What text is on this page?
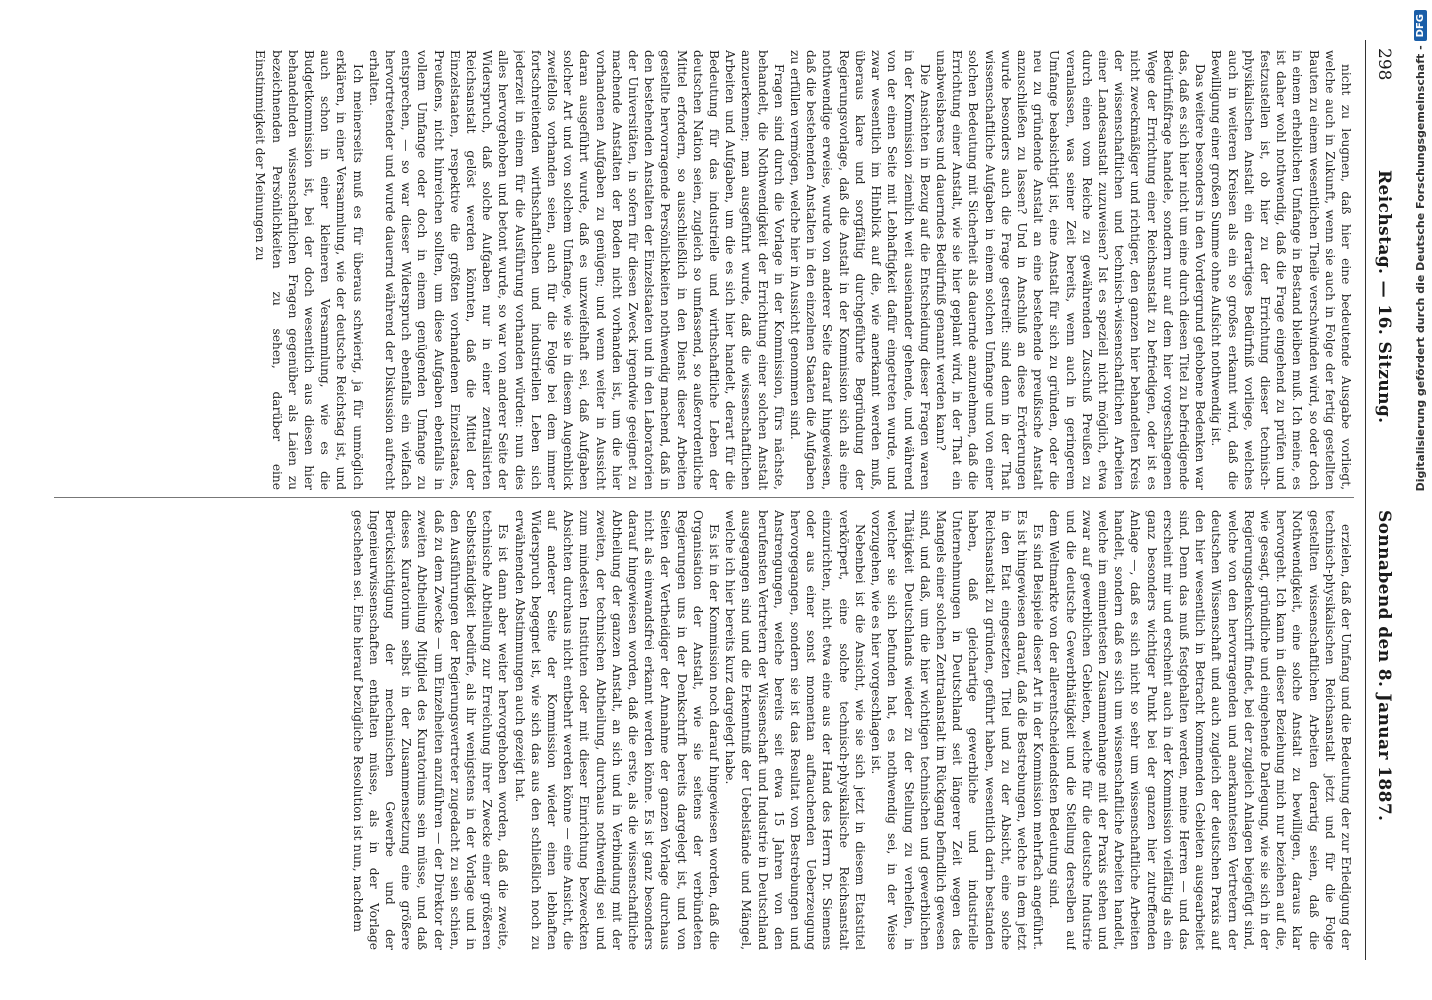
298
Reichstag. — 16. Sitzung.
Sonnabend den 8. Januar 1887.

nicht zu leugnen, daß hier eine bedeutende Ausgabe vorliegt, welche auch in Zukunft, wenn sie auch in Folge der fertig gestellten Bauten zu einem wesentlichen Theile verschwinden wird, so oder doch in einem erheblichen Umfange in Bestand bleiben muß. Ich meine, es ist daher wohl nothwendig, daß die Frage eingehend zu prüfen und festzustellen ist, ob hier zu der Errichtung dieser technisch-physikalischen Anstalt ein derartiges Bedürfniß vorliege, welches auch in weiteren Kreisen als ein so großes erkannt wird, daß die Bewilligung einer großen Summe ohne Aufsicht nothwendig ist.

Das weitere besonders in den Vordergrund gehobene Bedenken war das, daß es sich hier nicht um eine durch diesen Titel zu befriedigende Bedürfnißfrage handele, sondern nur auf dem hier vorgeschlagenen Wege der Errichtung einer Reichsanstalt zu befriedigen, oder ist es nicht zweckmäßiger und richtiger, den ganzen hier behandelten Kreis der wissenschaftlichen und technisch-wissenschaftlichen Arbeiten einer Landesanstalt zuzuweisen? Ist es speziell nicht möglich, etwa durch einen vom Reiche zu gewährenden Zuschuß Preußen zu veranlassen, was seiner Zeit bereits, wenn auch in geringerem Umfange beabsichtigt ist, eine Anstalt für sich zu gründen, oder die neu zu gründende Anstalt an eine bestehende preußische Anstalt anzuschließen zu lassen? Und in Anschluß an diese Erörterungen wurde besonders auch die Frage gestreift: sind denn in der That wissenschaftliche Aufgaben in einem solchen Umfange und von einer solchen Bedeutung mit Sicherheit als dauernde anzunehmen, daß die Errichtung einer Anstalt, wie sie hier geplant wird, in der That ein unabweisbares und dauerndes Bedürfniß genannt werden kann?

Die Ansichten in Bezug auf die Entscheidung dieser Fragen waren in der Kommission ziemlich weit auseinander gehende, und während von der einen Seite mit Lebhaftigkeit dafür eingetreten wurde, und zwar wesentlich im Hinblick auf die, wie anerkannt werden muß, überaus klare und sorgfältig durchgeführte Begründung der Regierungsvorlage, daß die Anstalt in der Kommission sich als eine nothwendige erweise, wurde von anderer Seite darauf hingewiesen, daß die bestehenden Anstalten in den einzelnen Staaten die Aufgaben zu erfüllen vermögen, welche hier in Aussicht genommen sind.

Fragen sind durch die Vorlage in der Kommission, fürs nächste, behandelt, die Nothwendigkeit der Errichtung einer solchen Anstalt anzuerkennen; man ausgeführt wurde, daß die wissenschaftlichen Arbeiten und Aufgaben, um die es sich hier handelt, derart für die Bedeutung für das industrielle und wirthschaftliche Leben der deutschen Nation seien, zugleich so umfassend, so außerordentliche Mittel erfordern, so ausschließlich in den Dienst dieser Arbeiten gestellte hervorragende Persönlichkeiten nothwendig machend, daß in den bestehenden Anstalten der Einzelstaaten und in den Laboratorien der Universitäten, in sofern für diesen Zweck irgendwie geeignet zu machende Anstalten der Boden nicht vorhanden ist, um die hier vorhandenen Aufgaben zu genügen; und wenn weiter in Aussicht daran ausgeführt wurde, daß es unzweifelhaft sei, daß Aufgaben solcher Art und von solchem Umfange, wie sie in diesem Augenblick zweifellos vorhanden seien, auch für die Folge bei dem immer fortschreitenden wirthschaftlichen und industriellen Leben sich jederzeit in einem für die Ausführung vorhanden würden: nun dies alles hervorgehoben und betont wurde, so war von anderer Seite der Widerspruch, daß solche Aufgaben nur in einer zentralisirten Reichsanstalt gelöst werden könnten, daß die Mittel der Einzelstaaten, respektive die größten vorhandenen Einzelstaates, Preußens, nicht hinreichen sollten, um diese Aufgaben ebenfalls in vollem Umfange oder doch in einem genügenden Umfange zu entsprechen, — so war dieser Widerspruch ebenfalls ein vielfach hervortretender und wurde dauernd während der Diskussion aufrecht erhalten.

Ich meinerseits muß es für überaus schwierig, ja für unmöglich erklären, in einer Versammlung, wie der deutsche Reichstag ist, und auch schon in einer kleineren Versammlung, wie es die Budgetkommission ist, bei der doch wesentlich aus diesen hier behandelnden wissenschaftlichen Fragen gegenüber als Laien zu bezeichnenden Persönlichkeiten zu sehen, darüber eine Einstimmigkeit der Meinungen zu

erzielen, daß der Umfang und die Bedeutung der zur Erledigung der technisch-physikalischen Reichsanstalt jetzt und für die Folge gestellten wissenschaftlichen Arbeiten derartig seien, daß die Nothwendigkeit, eine solche Anstalt zu bewilligen, daraus klar hervorgeht. Ich kann in dieser Beziehung mich nur beziehen auf die, wie gesagt, gründliche und eingehende Darlegung, wie sie sich in der Regierungsdenkschrift findet, bei der zugleich Anlagen beigefügt sind, welche von den hervorragenden und anerkanntesten Vertretern der deutschen Wissenschaft und auch zugleich der deutschen Praxis auf den hier wesentlich in Betracht kommenden Gebieten ausgearbeitet sind. Denn das muß festgehalten werden, meine Herren — und das erscheint mir und erscheint auch in der Kommission vielfältig als ein ganz besonders wichtiger Punkt bei der ganzen hier zutreffenden Anlage —, daß es sich nicht so sehr um wissenschaftliche Arbeiten handelt, sondern daß es sich um wissenschaftliche Arbeiten handelt, welche im eminentesten Zusammenhange mit der Praxis stehen und zwar auf gewerblichen Gebieten, welche für die deutsche Industrie und die deutsche Gewerbthätigkeit und die Stellung derselben auf dem Weltmarkte von der allerentscheidendsten Bedeutung sind.

Es sind Beispiele dieser Art in der Kommission mehrfach angeführt. Es ist hingewiesen darauf, daß die Bestrebungen, welche in dem jetzt in den Etat eingesetzten Titel und zu der Absicht, eine solche Reichsanstalt zu gründen, geführt haben, wesentlich darin bestanden haben, daß gleichartige gewerbliche und industrielle Unternehmungen in Deutschland seit längerer Zeit wegen des Mangels einer solchen Zentralanstalt im Rückgang befindlich gewesen sind, und daß, um die hier wichtigen technischen und gewerblichen Thätigkeit Deutschlands wieder zu der Stellung zu verhelfen, in welcher sie sich befunden hat, es nothwendig sei, in der Weise vorzugehen, wie es hier vorgeschlagen ist.

Nebenbei ist die Ansicht, wie sie sich jetzt in diesem Etatstitel verkörpert, eine solche technisch-physikalische Reichsanstalt einzurichten, nicht etwa eine aus der Hand des Herrn Dr. Siemens oder aus einer sonst momentan auftauchenden Ueberzeugung hervorgegangen, sondern sie ist das Resultat von Bestrebungen und Anstrengungen, welche bereits seit etwa 15 Jahren von den berufensten Vertretern der Wissenschaft und Industrie in Deutschland ausgegangen sind und die Erkenntniß der Uebelstände und Mängel, welche ich hier bereits kurz dargelegt habe.

Es ist in der Kommission noch darauf hingewiesen worden, daß die Organisation der Anstalt, wie sie seitens der verbündeten Regierungen uns in der Denkschrift bereits dargelegt ist, und von Seiten der Vertheidiger der Annahme der ganzen Vorlage durchaus nicht als einwandsfrei erkannt werden könne. Es ist ganz besonders darauf hingewiesen worden, daß die erste, als die wissenschaftliche Abtheilung der ganzen Anstalt, an sich und in Verbindung mit der zweiten, der technischen Abtheilung, durchaus nothwendig sei und zum mindesten Instituten oder mit dieser Einrichtung bezweckten Absichten durchaus nicht entbehrt werden könne — eine Ansicht, die auf anderer Seite der Kommission wieder einen lebhaften Widerspruch begegnet ist, wie sich das aus den schließlich noch zu erwähnenden Abstimmungen auch gezeigt hat.

Es ist dann aber weiter hervorgehoben worden, daß die zweite, technische Abtheilung zur Erreichung ihrer Zwecke einer größeren Selbstständigkeit bedürfe, als ihr wenigstens in der Vorlage und in den Ausführungen der Regierungsvertreter zugedacht zu sein schien, daß zu dem Zwecke — um Einzelheiten anzuführen — der Direktor der zweiten Abtheilung Mitglied des Kuratoriums sein müsse, und daß dieses Kuratorium selbst in der Zusammensetzung eine größere Berücksichtigung der mechanischen Gewerbe und der Ingenieurwissenschaften enthalten müsse, als in der Vorlage geschehen sei. Eine hierauf bezügliche Resolution ist nun, nachdem

Digitalisierung gefördert durch die Deutsche Forschungsgemeinschaft -
DFG
